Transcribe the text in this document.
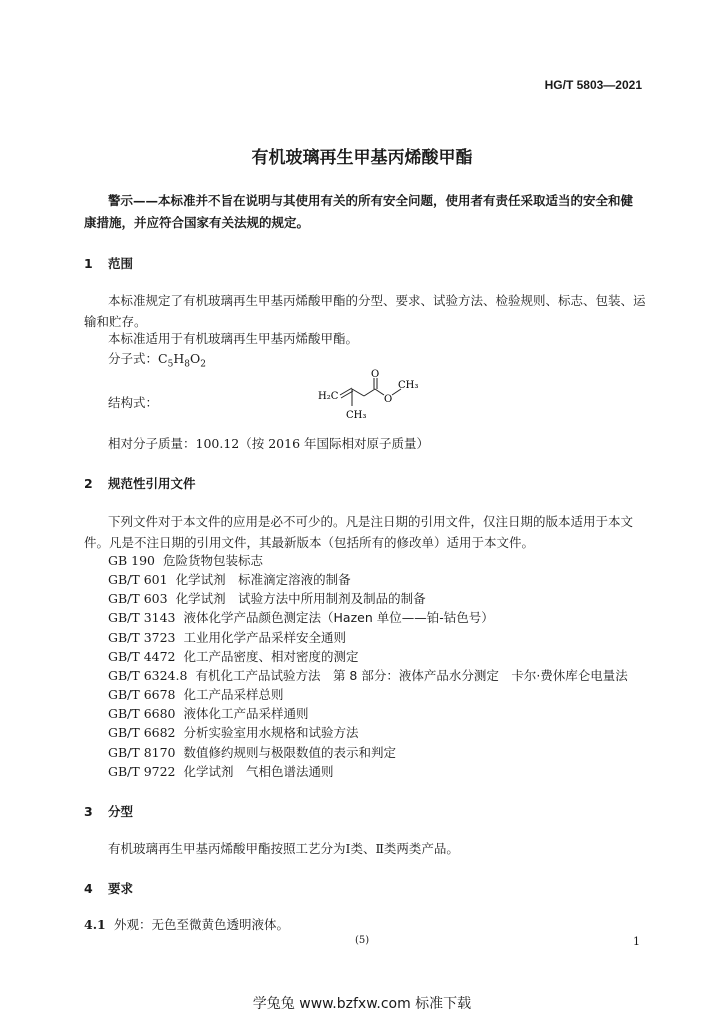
HG/T 5803—2021
有机玻璃再生甲基丙烯酸甲酯
警示——本标准并不旨在说明与其使用有关的所有安全问题，使用者有责任采取适当的安全和健康措施，并应符合国家有关法规的规定。
1 范围
本标准规定了有机玻璃再生甲基丙烯酸甲酯的分型、要求、试验方法、检验规则、标志、包装、运输和贮存。
本标准适用于有机玻璃再生甲基丙烯酸甲酯。
分子式：$C_5H_8O_2$
结构式：	H₂C
CH₃
O
O
CH₃
相对分子质量：100.12（按 2016 年国际相对原子质量）
2 规范性引用文件
下列文件对于本文件的应用是必不可少的。凡是注日期的引用文件，仅注日期的版本适用于本文件。凡是不注日期的引用文件，其最新版本（包括所有的修改单）适用于本文件。
GB 190 危险货物包装标志
GB/T 601 化学试剂　标准滴定溶液的制备
GB/T 603 化学试剂　试验方法中所用制剂及制品的制备
GB/T 3143 液体化学产品颜色测定法（Hazen 单位——铂-钴色号）
GB/T 3723 工业用化学产品采样安全通则
GB/T 4472 化工产品密度、相对密度的测定
GB/T 6324.8 有机化工产品试验方法　第 8 部分：液体产品水分测定　卡尔·费休库仑电量法
GB/T 6678 化工产品采样总则
GB/T 6680 液体化工产品采样通则
GB/T 6682 分析实验室用水规格和试验方法
GB/T 8170 数值修约规则与极限数值的表示和判定
GB/T 9722 化学试剂　气相色谱法通则
3 分型
有机玻璃再生甲基丙烯酸甲酯按照工艺分为Ⅰ类、Ⅱ类两类产品。
4 要求
4.1 外观：无色至微黄色透明液体。
(5)	1
学兔兔 www.bzfxw.com 标准下载
